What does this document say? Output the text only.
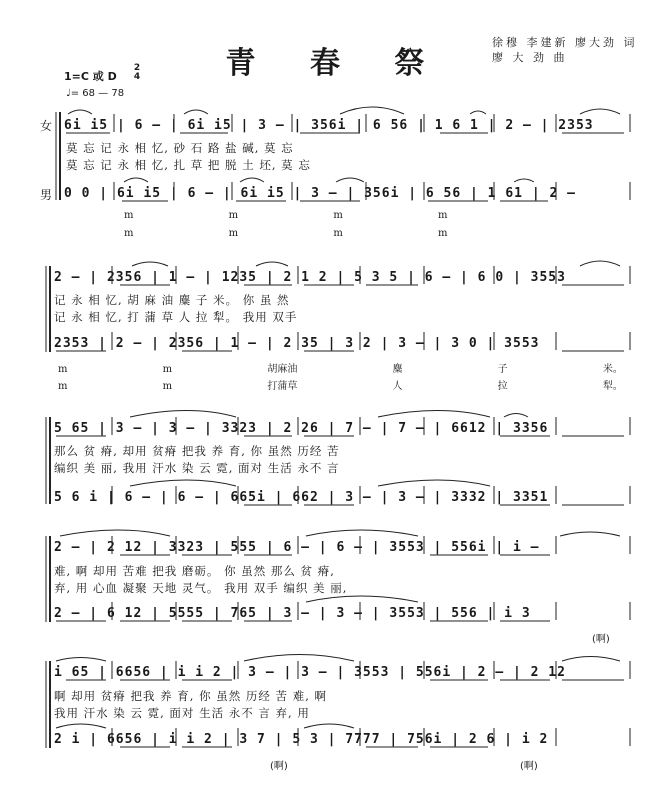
青 春 祭
徐穆 李建新 廖大劲 词
廖 大 劲 曲
1=C 或 D
2
4
♩= 68 — 78
女
男
6i i5 | 6 – | 6i i5 | 3 – | 356i | 6 56 | 1 6 1 | 2 – | 2353
莫 忘 记 永 相 忆, 砂 石 路 盐 碱, 莫 忘
莫 忘 记 永 相 忆, 扎 草 把 脱 土 坯, 莫 忘
0 0 | 6i i5 | 6 – | 6i i5 | 3 – | 356i | 6 56 | 1 61 | 2 –
m m m m
m m m m
2 – | 2356 | 1 – | 1235 | 2 1 2 | 5 3 5 | 6 – | 6 0 | 3553
记 永 相 忆, 胡 麻 油 麋 子 米。 你 虽 然
记 永 相 忆, 打 蒲 草 人 拉 犁。 我用 双手
2353 | 2 – | 2356 | 1 – | 2 35 | 3 2 | 3 – | 3 0 | 3553
m m 胡麻油 麋 子 米。
m m 打蒲草 人 拉 犁。
5 65 | 3 – | 3 – | 3323 | 2 26 | 7 – | 7 – | 6612 | 3356
那么 贫 瘠, 却用 贫瘠 把我 养 育, 你 虽然 历经 苦
编织 美 丽, 我用 汗水 染 云 霓, 面对 生活 永不 言
5 6 i | 6 – | 6 – | 665i | 662 | 3 – | 3 – | 3332 | 3351
2 – | 2 12 | 3323 | 555 | 6 – | 6 – | 3553 | 556i | i –
难, 啊 却用 苦难 把我 磨砺。 你 虽然 那么 贫 瘠,
弃, 用 心血 凝聚 天地 灵气。 我用 双手 编织 美 丽,
2 – | 6 12 | 5555 | 765 | 3 – | 3 – | 3553 | 556 | i 3
(啊)
i 65 | 6656 | i i 2 | 3 – | 3 – | 3553 | 556i | 2 – | 2 12
啊 却用 贫瘠 把我 养 育, 你 虽然 历经 苦 难, 啊
我用 汗水 染 云 霓, 面对 生活 永不 言 弃, 用
2 i | 6656 | i i 2 | 3 7 | 5 3 | 7777 | 756i | 2 6 | i 2
(啊)	(啊)
